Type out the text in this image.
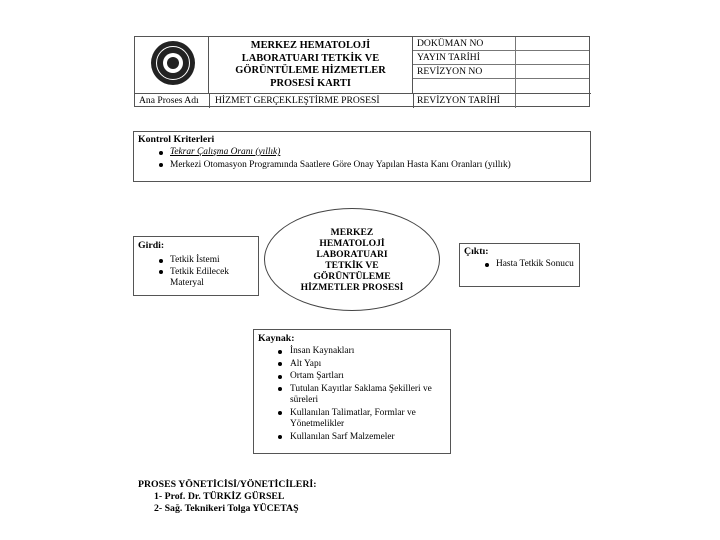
MERKEZ HEMATOLOJİ
LABORATUARI TETKİK VE
GÖRÜNTÜLEME HİZMETLER
PROSESİ KARTI
DOKÜMAN NO
YAYIN TARİHİ
REVİZYON NO
Ana Proses Adı HİZMET GERÇEKLEŞTİRME PROSESİ	REVİZYON TARİHİ
Kontrol Kriterleri
Tekrar Çalışma Oranı (yıllık)
Merkezi Otomasyon Programında Saatlere Göre Onay Yapılan Hasta Kanı Oranları (yıllık)
Girdi:
Tetkik İstemi
Tetkik Edilecek Materyal
MERKEZ
HEMATOLOJİ
LABORATUARI
TETKİK VE
GÖRÜNTÜLEME
HİZMETLER PROSESİ
Çıktı:
Hasta Tetkik Sonucu
Kaynak:
İnsan Kaynakları
Alt Yapı
Ortam Şartları
Tutulan Kayıtlar Saklama Şekilleri ve süreleri
Kullanılan Talimatlar, Formlar ve Yönetmelikler
Kullanılan Sarf Malzemeler
PROSES YÖNETİCİSİ/YÖNETİCİLERİ:
1- Prof. Dr. TÜRKİZ GÜRSEL
2- Sağ. Teknikeri Tolga YÜCETAŞ
